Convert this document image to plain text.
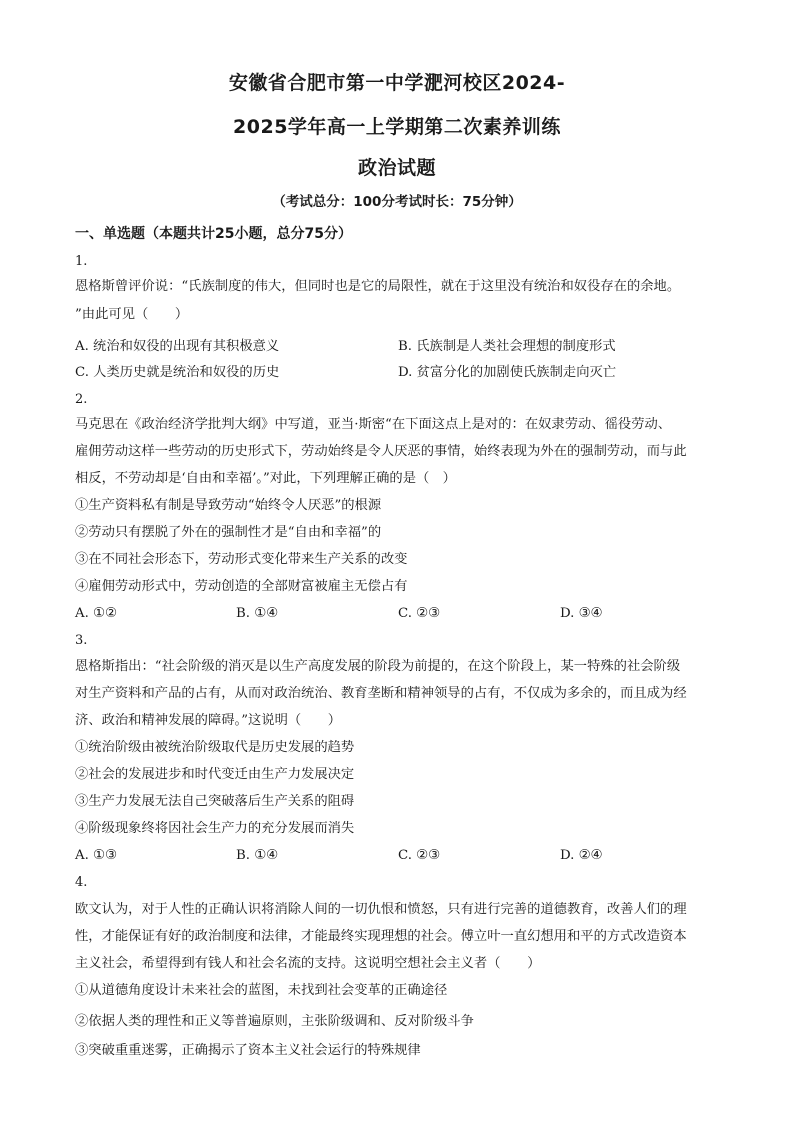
安徽省合肥市第一中学淝河校区2024-
2025学年高一上学期第二次素养训练
政治试题
（考试总分：100分考试时长：75分钟）
一、单选题（本题共计25小题，总分75分）
1.
恩格斯曾评价说：“氏族制度的伟大，但同时也是它的局限性，就在于这里没有统治和奴役存在的余地。
”由此可见（　　）
A. 统治和奴役的出现有其积极意义	B. 氏族制是人类社会理想的制度形式
C. 人类历史就是统治和奴役的历史	D. 贫富分化的加剧使氏族制走向灭亡
2.
马克思在《政治经济学批判大纲》中写道，亚当·斯密“在下面这点上是对的：在奴隶劳动、徭役劳动、
雇佣劳动这样一些劳动的历史形式下，劳动始终是令人厌恶的事情，始终表现为外在的强制劳动，而与此
相反，不劳动却是‘自由和幸福’。”对此，下列理解正确的是（　）
①生产资料私有制是导致劳动“始终令人厌恶”的根源
②劳动只有摆脱了外在的强制性才是“自由和幸福”的
③在不同社会形态下，劳动形式变化带来生产关系的改变
④雇佣劳动形式中，劳动创造的全部财富被雇主无偿占有
A. ①②	B. ①④	C. ②③	D. ③④
3.
恩格斯指出：“社会阶级的消灭是以生产高度发展的阶段为前提的，在这个阶段上，某一特殊的社会阶级
对生产资料和产品的占有，从而对政治统治、教育垄断和精神领导的占有，不仅成为多余的，而且成为经
济、政治和精神发展的障碍。”这说明（　　）
①统治阶级由被统治阶级取代是历史发展的趋势
②社会的发展进步和时代变迁由生产力发展决定
③生产力发展无法自己突破落后生产关系的阻碍
④阶级现象终将因社会生产力的充分发展而消失
A. ①③	B. ①④	C. ②③	D. ②④
4.
欧文认为，对于人性的正确认识将消除人间的一切仇恨和愤怒，只有进行完善的道德教育，改善人们的理
性，才能保证有好的政治制度和法律，才能最终实现理想的社会。傅立叶一直幻想用和平的方式改造资本
主义社会，希望得到有钱人和社会名流的支持。这说明空想社会主义者（　　）
①从道德角度设计未来社会的蓝图，未找到社会变革的正确途径
②依据人类的理性和正义等普遍原则，主张阶级调和、反对阶级斗争
③突破重重迷雾，正确揭示了资本主义社会运行的特殊规律
